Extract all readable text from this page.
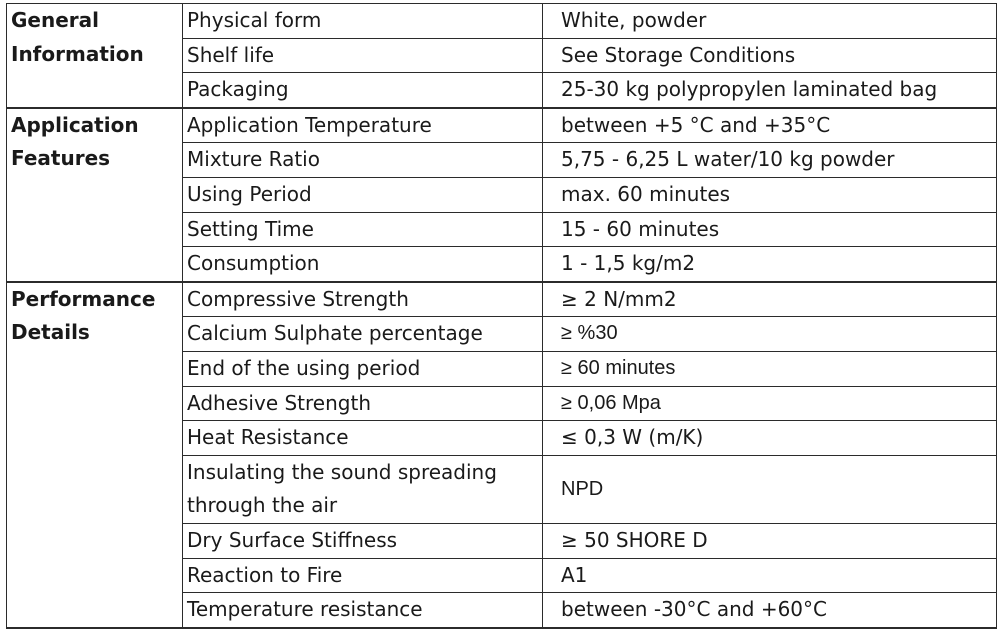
General Information	Physical form	White, powder
	Shelf life	See Storage Conditions
	Packaging	25-30 kg polypropylen laminated bag
Application Features	Application Temperature	between +5 °C and +35°C
	Mixture Ratio	5,75 - 6,25 L water/10 kg powder
	Using Period	max. 60 minutes
	Setting Time	15 - 60 minutes
	Consumption	1 - 1,5 kg/m2
Performance Details	Compressive Strength	≥ 2 N/mm2
	Calcium Sulphate percentage	≥ %30
	End of the using period	≥ 60 minutes
	Adhesive Strength	≥ 0,06 Mpa
	Heat Resistance	≤ 0,3 W (m/K)
	Insulating the sound spreading through the air	NPD

	Dry Surface Stiffness	≥ 50 SHORE D
	Reaction to Fire	A1
	Temperature resistance	between -30°C and +60°C
